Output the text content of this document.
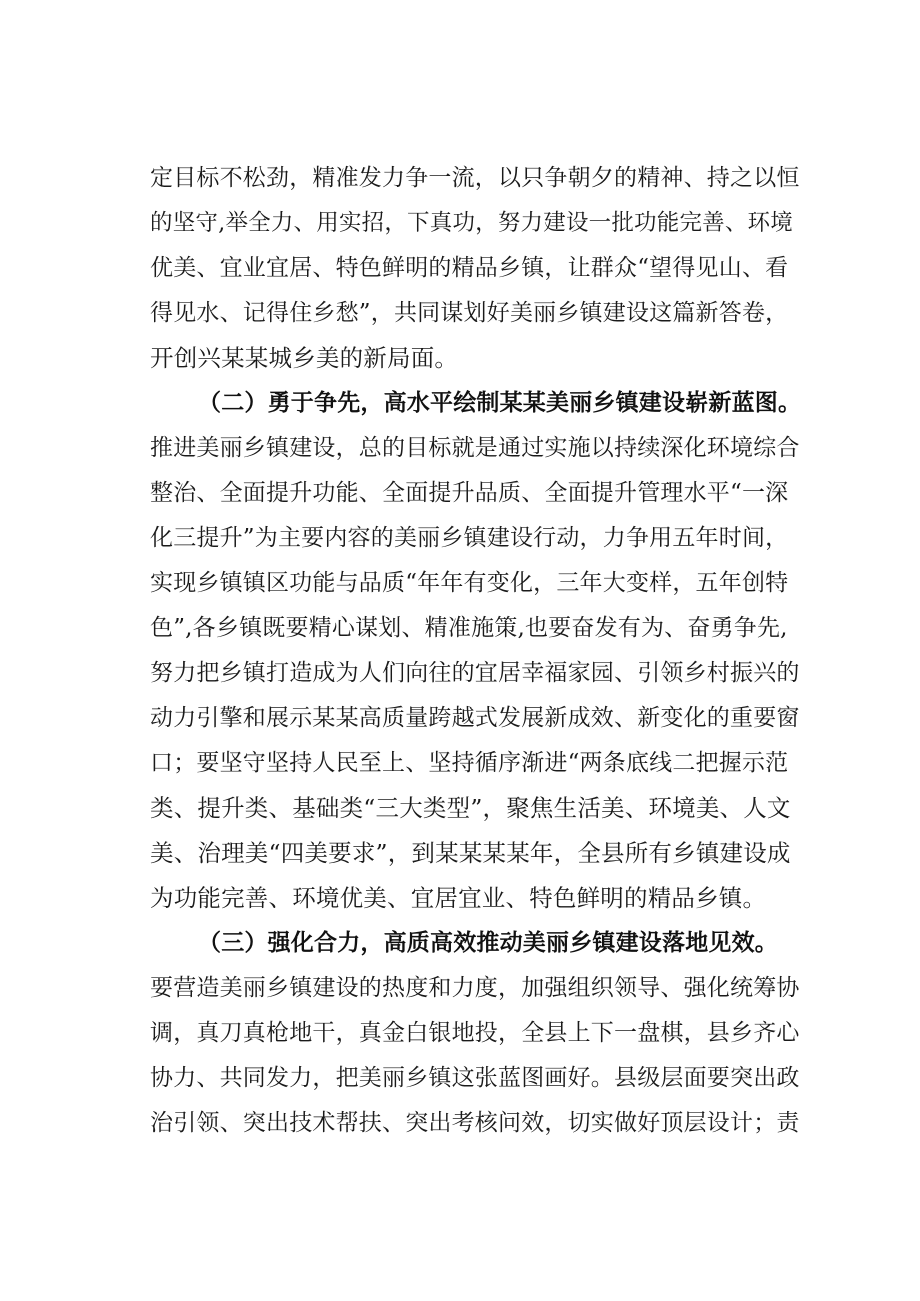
定目标不松劲，精准发力争一流，以只争朝夕的精神、持之以恒
的坚守,举全力、用实招，下真功，努力建设一批功能完善、环境
优美、宜业宜居、特色鲜明的精品乡镇，让群众“望得见山、看
得见水、记得住乡愁”，共同谋划好美丽乡镇建设这篇新答卷，
开创兴某某城乡美的新局面。
（二）勇于争先，高水平绘制某某美丽乡镇建设崭新蓝图。
推进美丽乡镇建设，总的目标就是通过实施以持续深化环境综合
整治、全面提升功能、全面提升品质、全面提升管理水平“一深
化三提升”为主要内容的美丽乡镇建设行动，力争用五年时间，
实现乡镇镇区功能与品质“年年有变化，三年大变样，五年创特
色”,各乡镇既要精心谋划、精准施策,也要奋发有为、奋勇争先,
努力把乡镇打造成为人们向往的宜居幸福家园、引领乡村振兴的
动力引擎和展示某某高质量跨越式发展新成效、新变化的重要窗
口；要坚守坚持人民至上、坚持循序渐进“两条底线二把握示范
类、提升类、基础类“三大类型”，聚焦生活美、环境美、人文
美、治理美“四美要求”，到某某某某年，全县所有乡镇建设成
为功能完善、环境优美、宜居宜业、特色鲜明的精品乡镇。
（三）强化合力，高质高效推动美丽乡镇建设落地见效。
要营造美丽乡镇建设的热度和力度，加强组织领导、强化统筹协
调，真刀真枪地干，真金白银地投，全县上下一盘棋，县乡齐心
协力、共同发力，把美丽乡镇这张蓝图画好。县级层面要突出政
治引领、突出技术帮扶、突出考核问效，切实做好顶层设计；责
